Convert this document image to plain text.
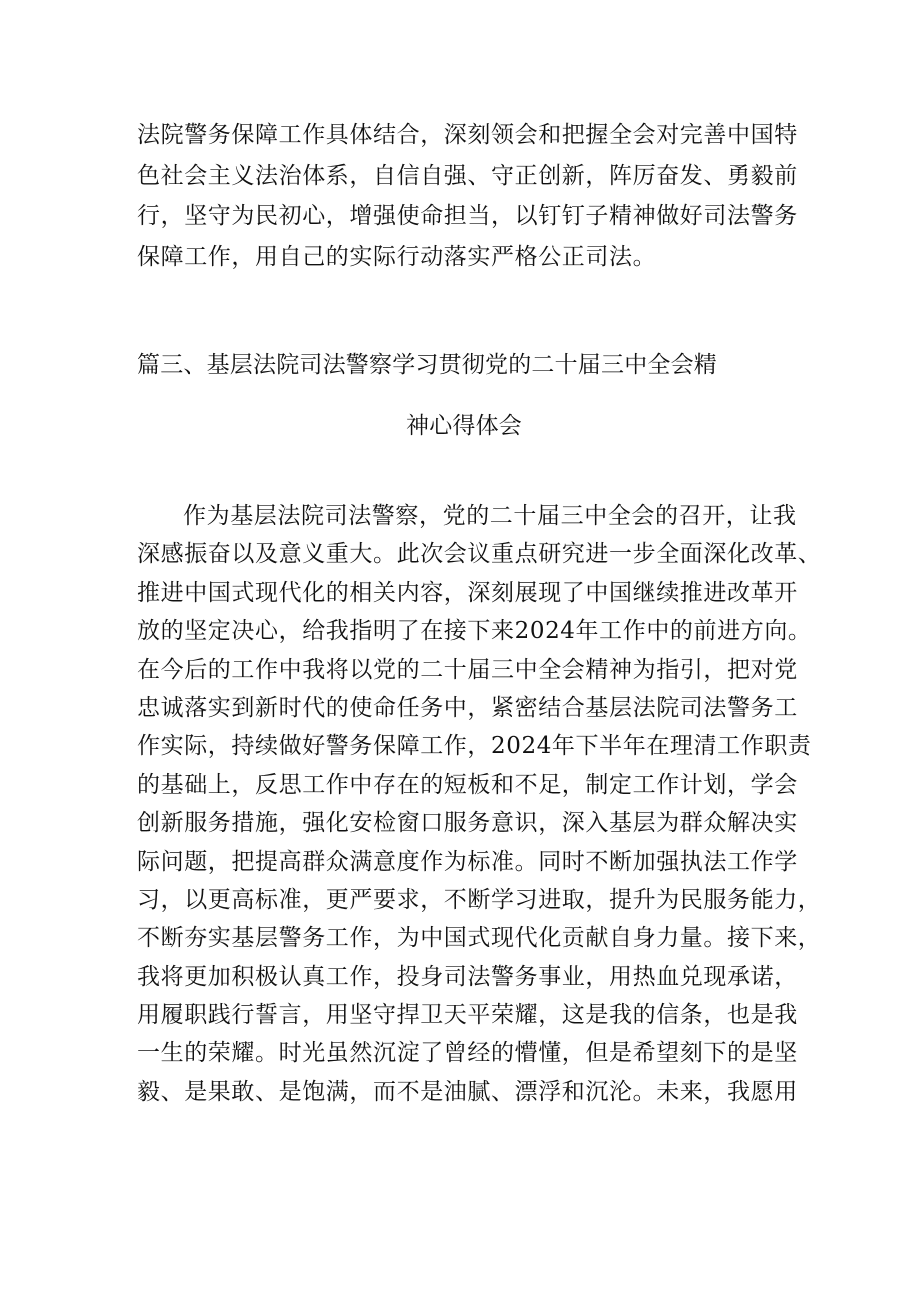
法院警务保障工作具体结合，深刻领会和把握全会对完善中国特
色社会主义法治体系，自信自强、守正创新，阵厉奋发、勇毅前
行，坚守为民初心，增强使命担当，以钉钉子精神做好司法警务
保障工作，用自己的实际行动落实严格公正司法。
篇三、基层法院司法警察学习贯彻党的二十届三中全会精
神心得体会
作为基层法院司法警察，党的二十届三中全会的召开，让我
深感振奋以及意义重大。此次会议重点研究进一步全面深化改革、
推进中国式现代化的相关内容，深刻展现了中国继续推进改革开
放的坚定决心，给我指明了在接下来2024年工作中的前进方向。
在今后的工作中我将以党的二十届三中全会精神为指引，把对党
忠诚落实到新时代的使命任务中，紧密结合基层法院司法警务工
作实际，持续做好警务保障工作，2024年下半年在理清工作职责
的基础上，反思工作中存在的短板和不足，制定工作计划，学会
创新服务措施，强化安检窗口服务意识，深入基层为群众解决实
际问题，把提高群众满意度作为标准。同时不断加强执法工作学
习，以更高标准，更严要求，不断学习进取，提升为民服务能力，
不断夯实基层警务工作，为中国式现代化贡献自身力量。接下来，
我将更加积极认真工作，投身司法警务事业，用热血兑现承诺，
用履职践行誓言，用坚守捍卫天平荣耀，这是我的信条，也是我
一生的荣耀。时光虽然沉淀了曾经的懵懂，但是希望刻下的是坚
毅、是果敢、是饱满，而不是油腻、漂浮和沉沦。未来，我愿用
